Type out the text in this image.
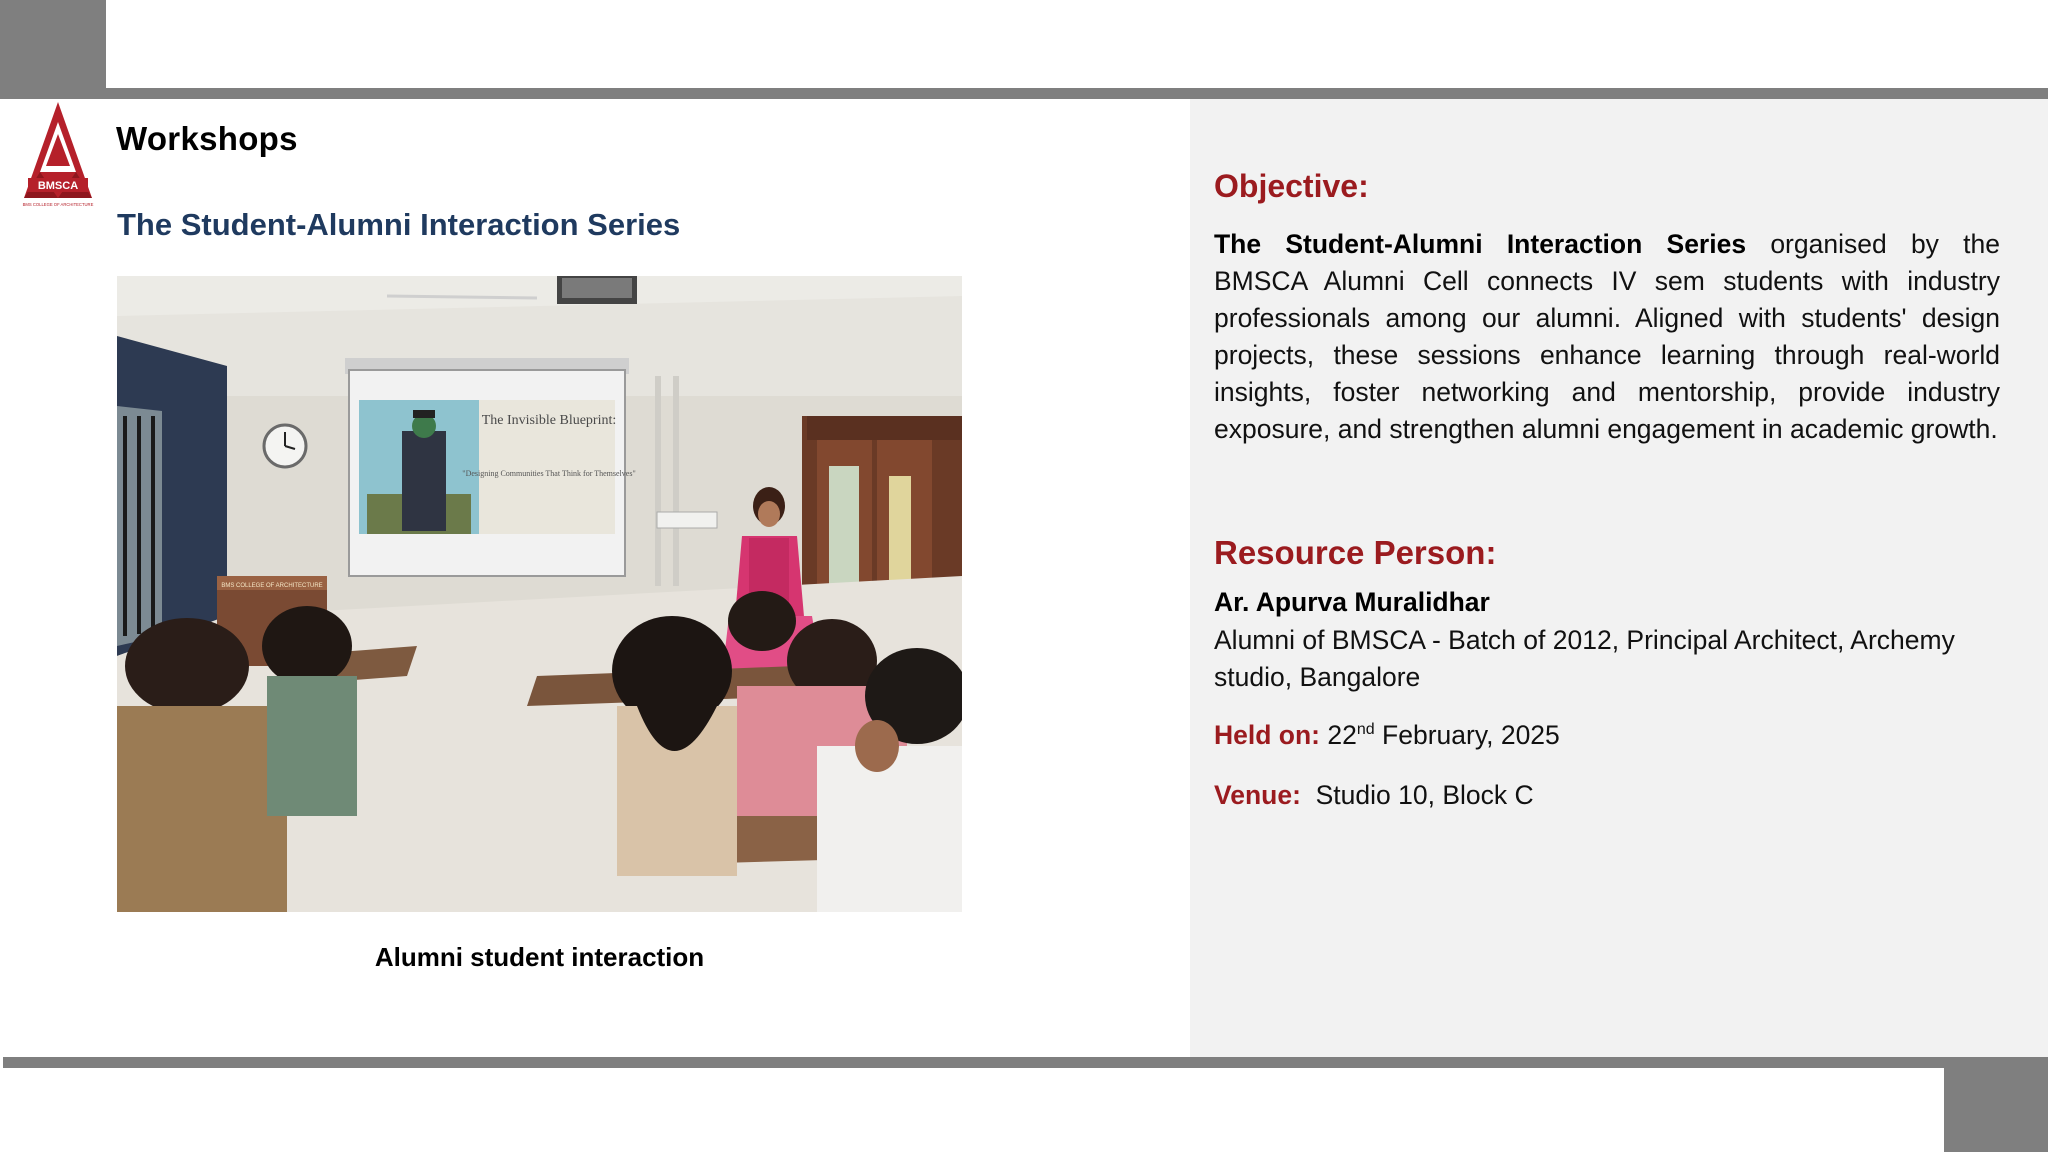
BMSCA
BMS COLLEGE OF ARCHITECTURE
Workshops
The Student-Alumni Interaction Series
The Invisible Blueprint:
"Designing Communities That Think for Themselves"
BMS COLLEGE OF ARCHITECTURE
Alumni student interaction
Objective:
The Student-Alumni Interaction Series organised by the BMSCA Alumni Cell connects IV sem students with industry professionals among our alumni. Aligned with students' design projects, these sessions enhance learning through real-world insights, foster networking and mentorship, provide industry exposure, and strengthen alumni engagement in academic growth.
Resource Person:
Ar. Apurva Muralidhar
Alumni of BMSCA - Batch of 2012, Principal Architect, Archemy studio, Bangalore
Held on: 22nd February, 2025
Venue: Studio 10, Block C
